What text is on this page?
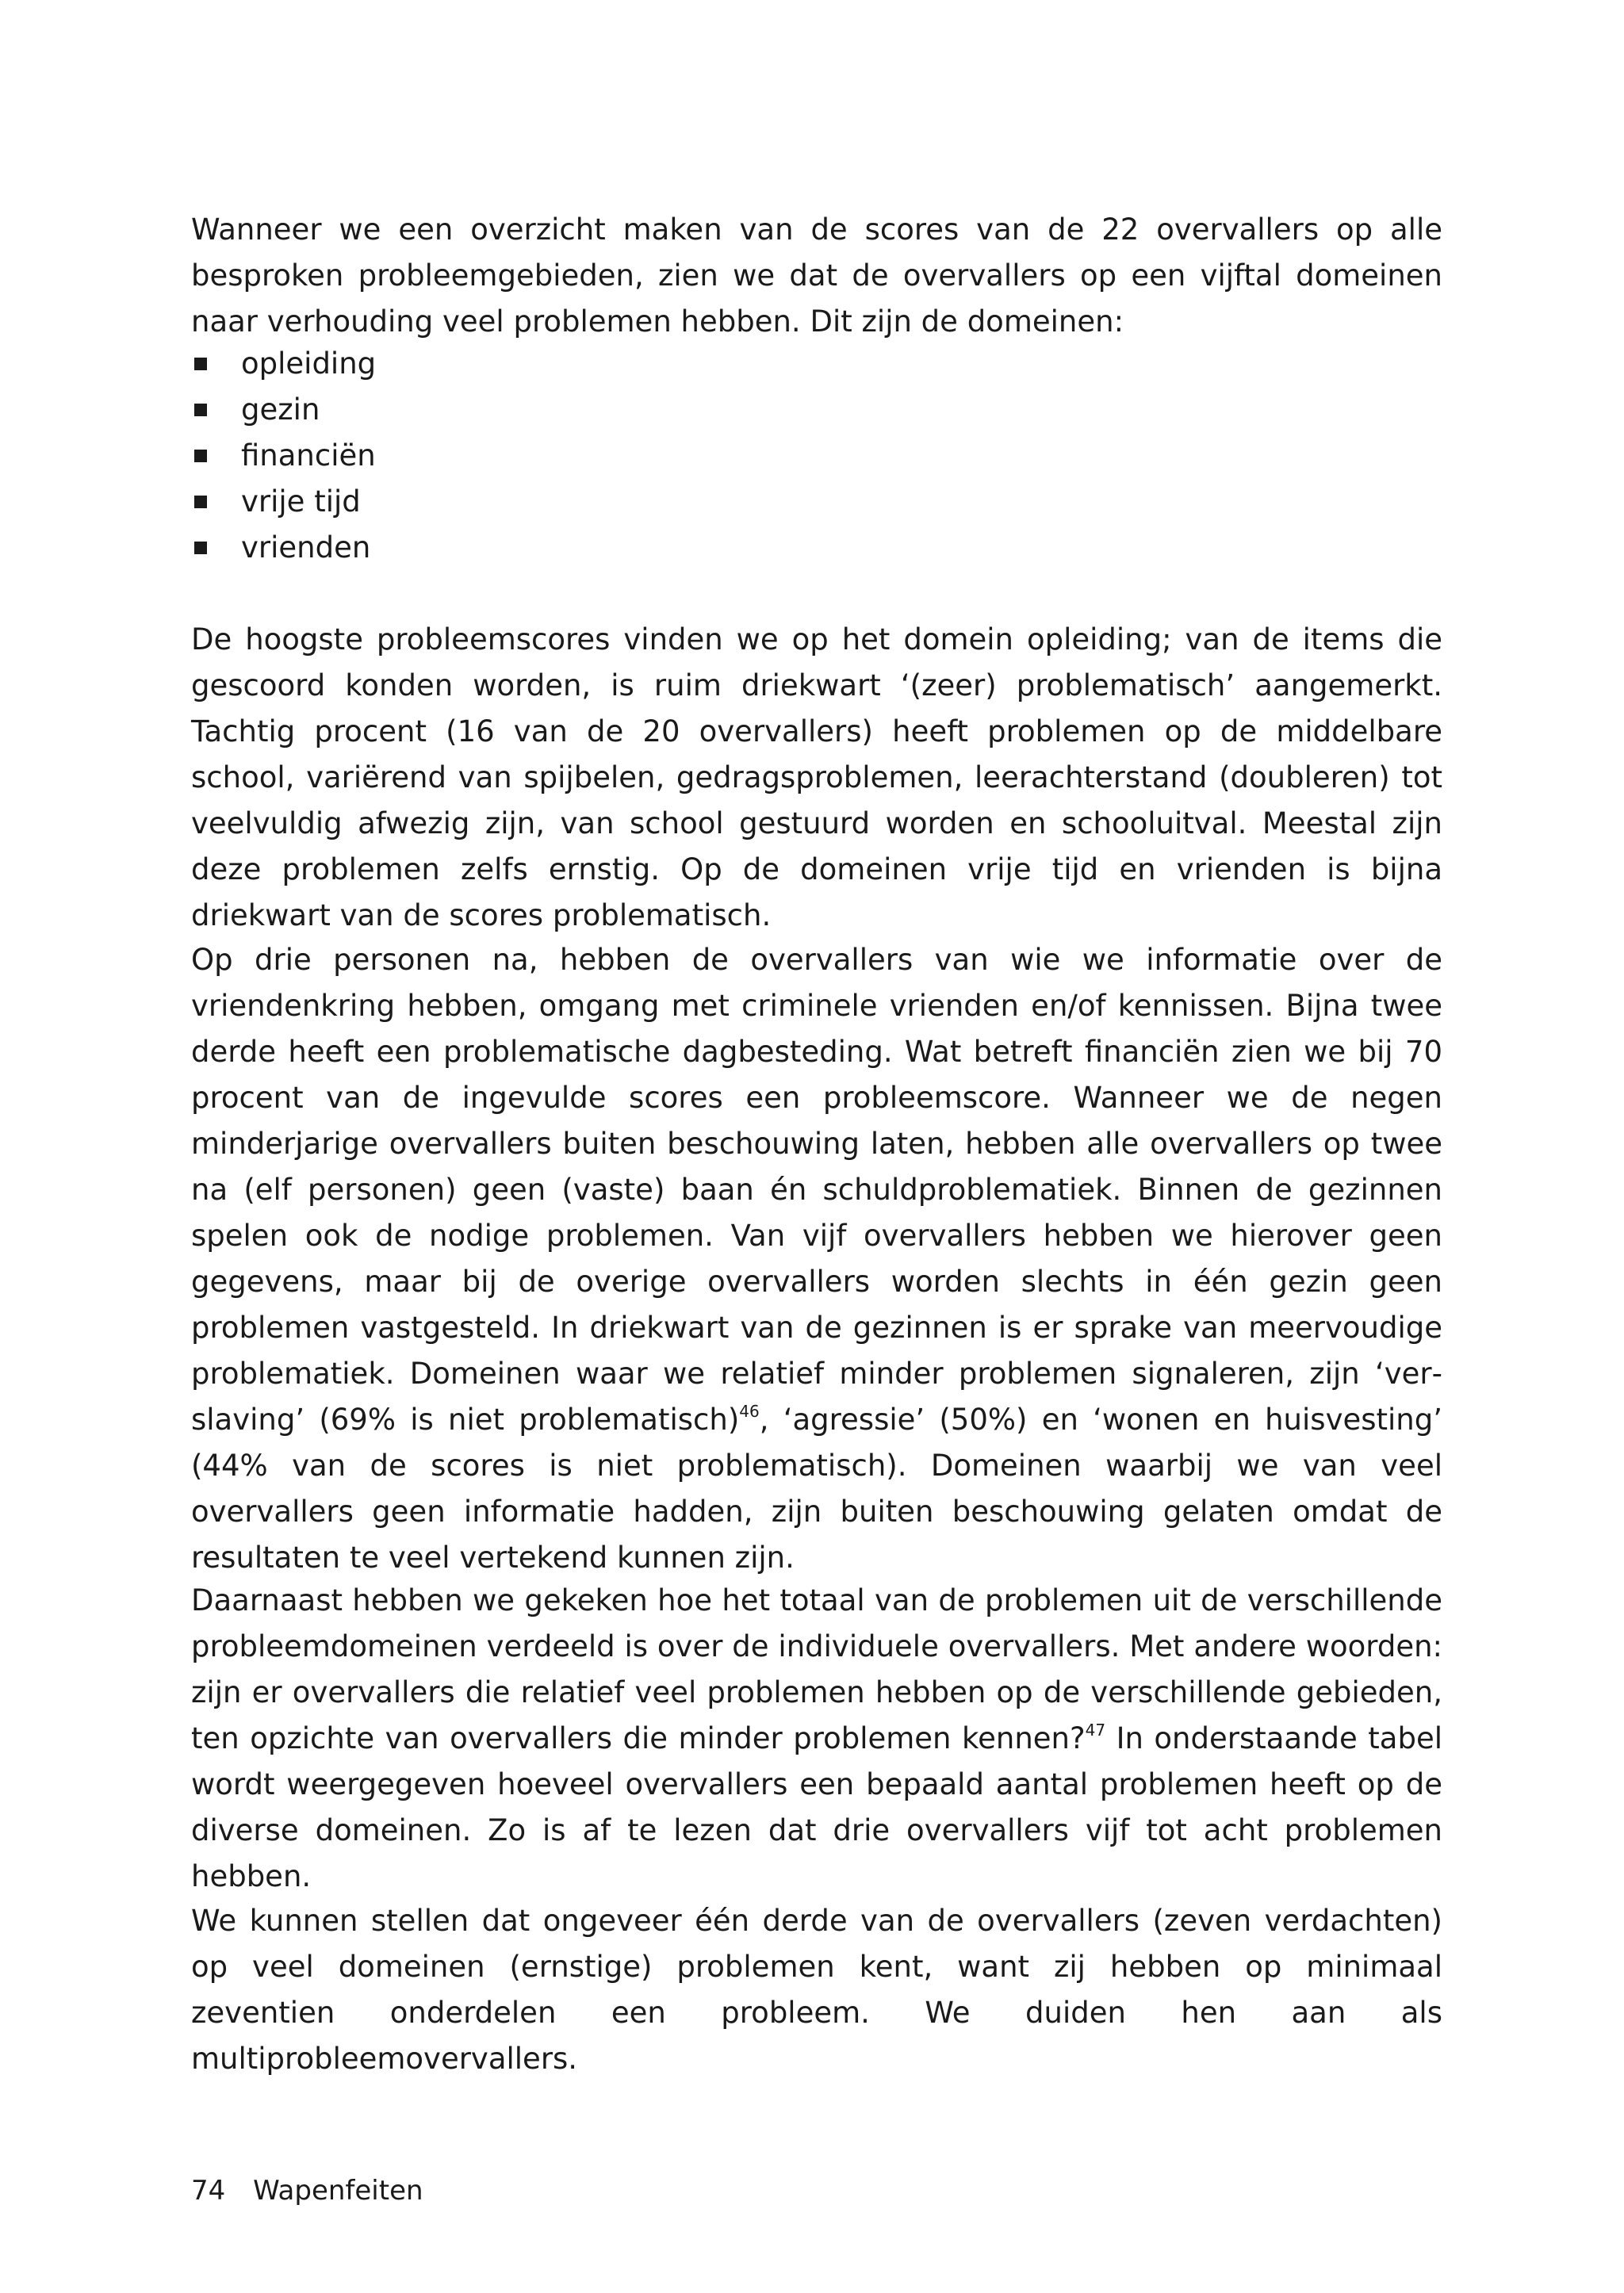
Wanneer we een overzicht maken van de scores van de 22 overvallers op alle besproken probleemgebieden, zien we dat de overvallers op een vijftal domeinen naar verhouding veel problemen hebben. Dit zijn de domeinen:

opleiding
gezin
financiën
vrije tijd
vrienden

De hoogste probleemscores vinden we op het domein opleiding; van de items die gescoord konden worden, is ruim driekwart ‘(zeer) problematisch’ aangemerkt. Tachtig procent (16 van de 20 overvallers) heeft problemen op de middelbare school, variërend van spijbelen, gedragsproblemen, leerachterstand (doubleren) tot veelvuldig afwezig zijn, van school gestuurd worden en schooluitval. Meestal zijn deze problemen zelfs ernstig. Op de domeinen vrije tijd en vrienden is bijna driekwart van de scores problematisch.

Op drie personen na, hebben de overvallers van wie we informatie over de vriendenkring hebben, omgang met criminele vrienden en/of kennissen. Bijna twee derde heeft een problematische dagbesteding. Wat betreft financiën zien we bij 70 procent van de ingevulde scores een probleemscore. Wanneer we de negen minderjarige overvallers buiten beschouwing laten, hebben alle overvallers op twee na (elf personen) geen (vaste) baan én schuldproblematiek. Binnen de gezinnen spelen ook de nodige problemen. Van vijf overvallers hebben we hierover geen gegevens, maar bij de overige overvallers worden slechts in één gezin geen problemen vastgesteld. In driekwart van de gezinnen is er sprake van meervoudige problematiek. Domeinen waar we relatief minder problemen signaleren, zijn ‘verslaving’ (69% is niet problematisch)$^{46}$, ‘agressie’ (50%) en ‘wonen en huisvesting’ (44% van de scores is niet problematisch). Domeinen waarbij we van veel overvallers geen informatie hadden, zijn buiten beschouwing gelaten omdat de resultaten te veel vertekend kunnen zijn.

Daarnaast hebben we gekeken hoe het totaal van de problemen uit de verschillende probleemdomeinen verdeeld is over de individuele overvallers. Met andere woorden: zijn er overvallers die relatief veel problemen hebben op de verschillende gebieden, ten opzichte van overvallers die minder problemen kennen?$^{47}$ In onderstaande tabel wordt weergegeven hoeveel overvallers een bepaald aantal problemen heeft op de diverse domeinen. Zo is af te lezen dat drie overvallers vijf tot acht problemen hebben.

We kunnen stellen dat ongeveer één derde van de overvallers (zeven verdachten) op veel domeinen (ernstige) problemen kent, want zij hebben op minimaal zeventien onderdelen een probleem. We duiden hen aan als multiprobleemovervallers.

74 Wapenfeiten
